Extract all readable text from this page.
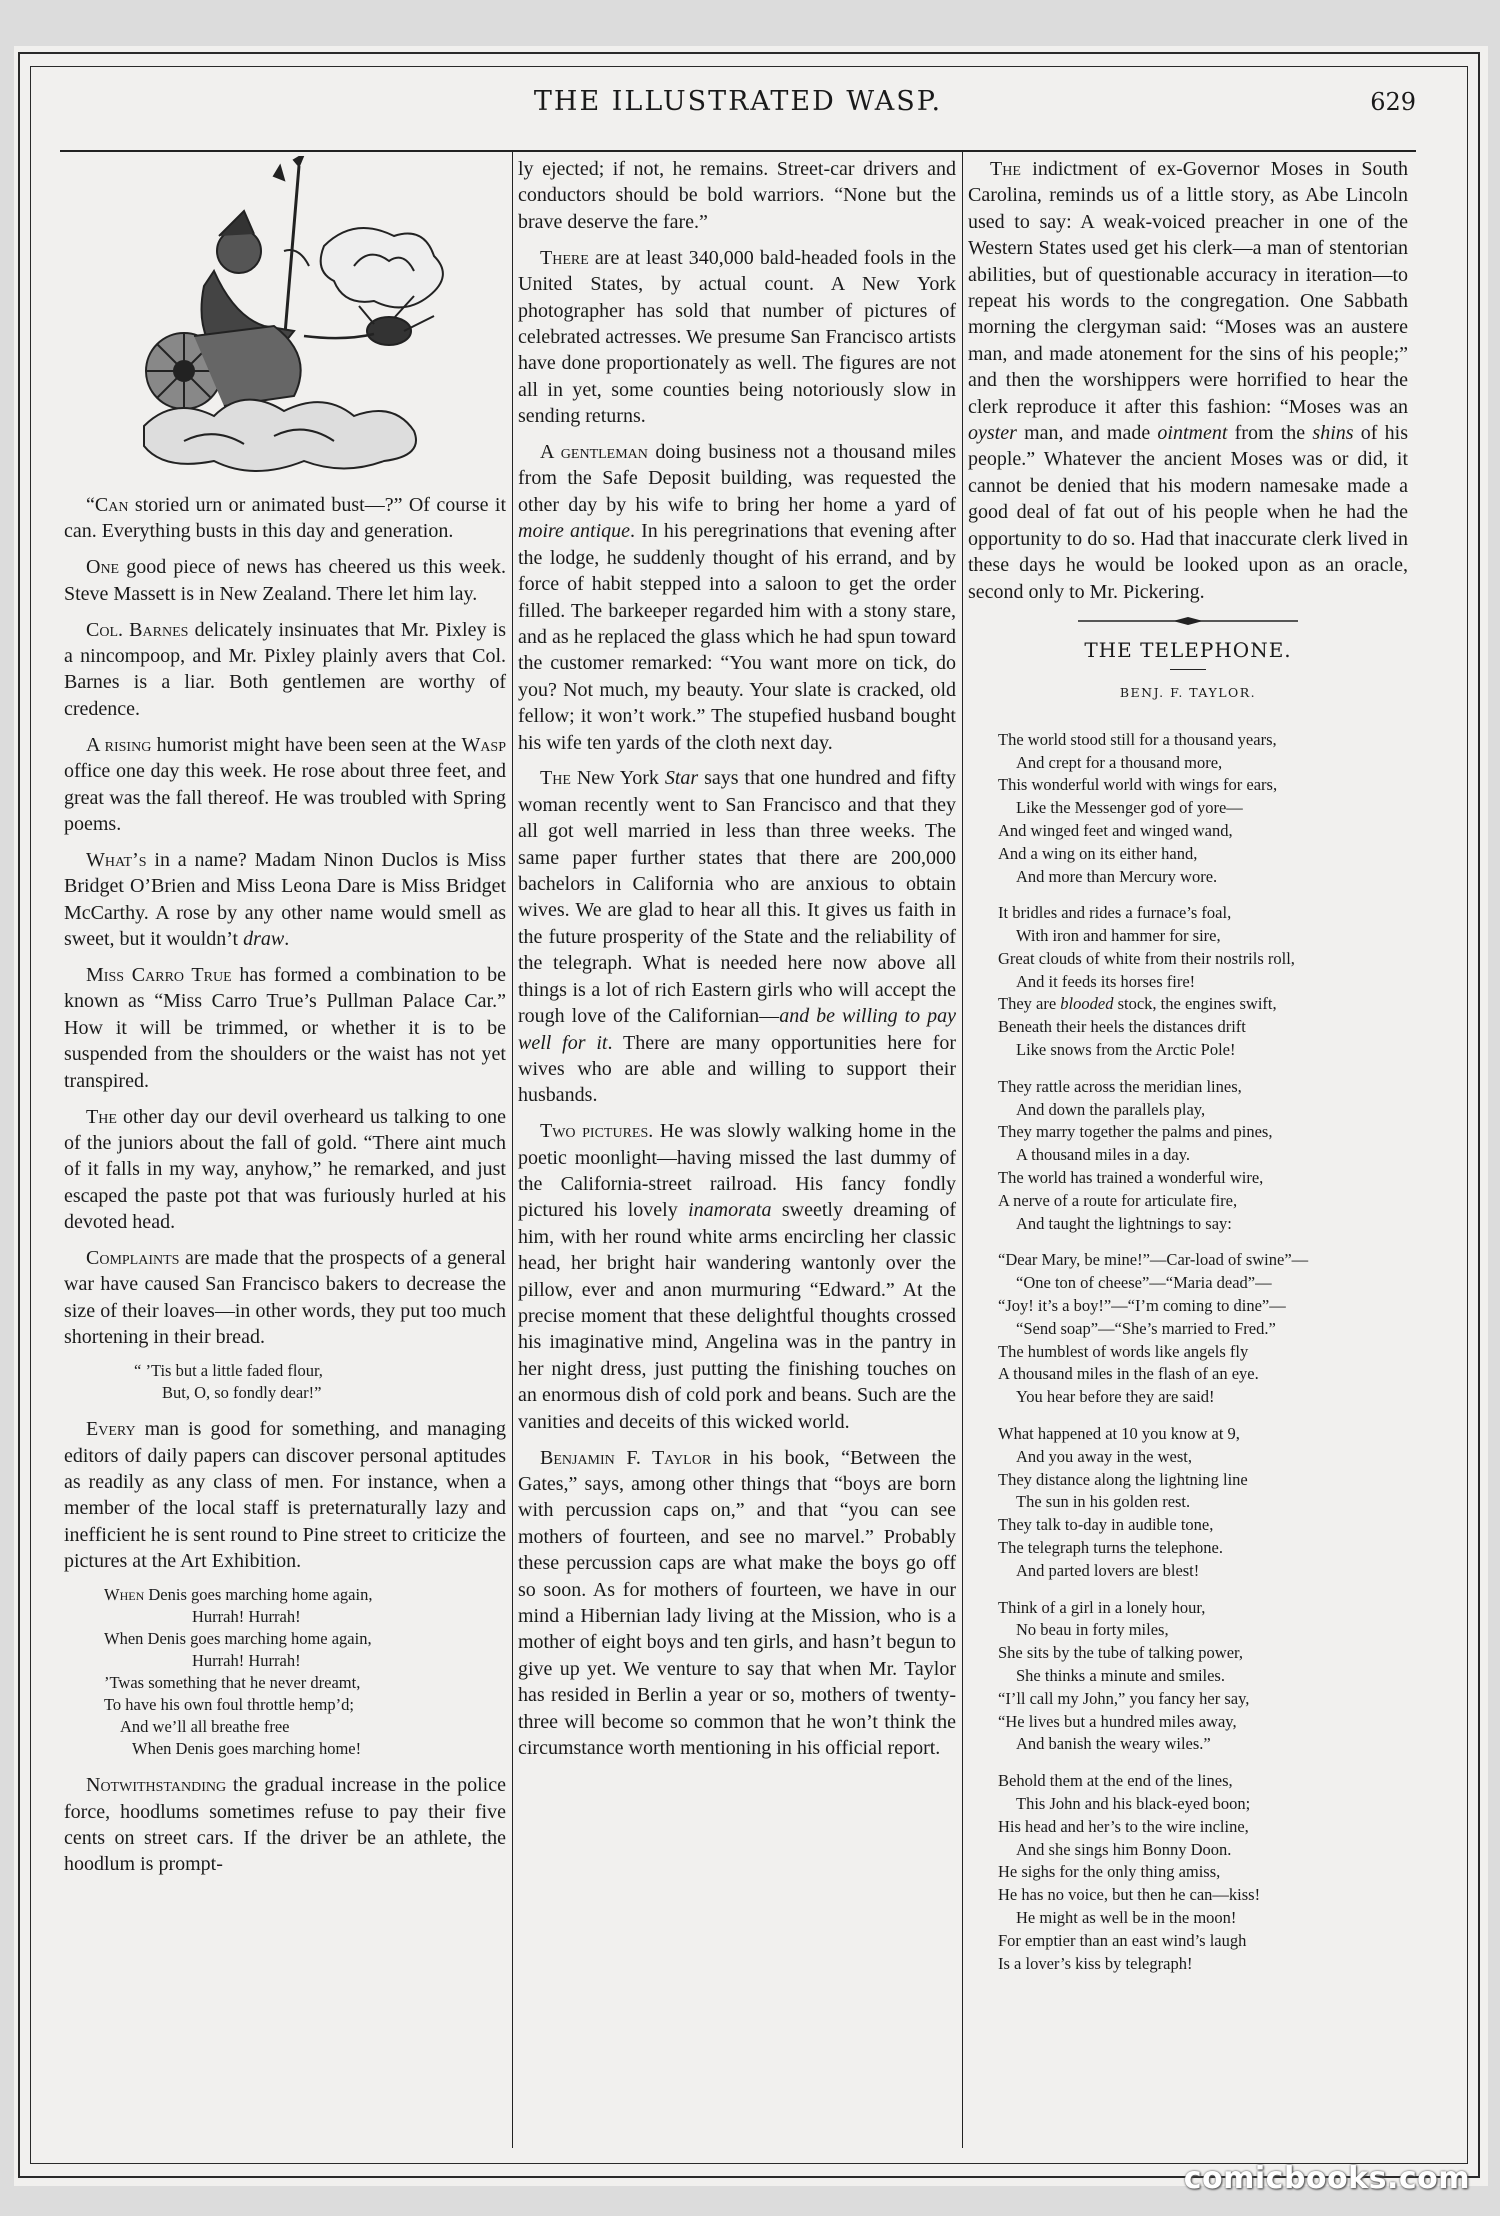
THE ILLUSTRATED WASP.	629

“Can storied urn or animated bust—?” Of course it can. Everything busts in this day and generation.

One good piece of news has cheered us this week. Steve Massett is in New Zealand. There let him lay.

Col. Barnes delicately insinuates that Mr. Pixley is a nincompoop, and Mr. Pixley plainly avers that Col. Barnes is a liar. Both gentlemen are worthy of credence.

A rising humorist might have been seen at the Wasp office one day this week. He rose about three feet, and great was the fall thereof. He was troubled with Spring poems.

What’s in a name? Madam Ninon Duclos is Miss Bridget O’Brien and Miss Leona Dare is Miss Bridget McCarthy. A rose by any other name would smell as sweet, but it wouldn’t draw.

Miss Carro True has formed a combination to be known as “Miss Carro True’s Pullman Palace Car.” How it will be trimmed, or whether it is to be suspended from the shoulders or the waist has not yet transpired.

The other day our devil overheard us talking to one of the juniors about the fall of gold. “There aint much of it falls in my way, anyhow,” he remarked, and just escaped the paste pot that was furiously hurled at his devoted head.

Complaints are made that the prospects of a general war have caused San Francisco bakers to decrease the size of their loaves—in other words, they put too much shortening in their bread.

“ ’Tis but a little faded flour,
But, O, so fondly dear!”

Every man is good for something, and managing editors of daily papers can discover personal aptitudes as readily as any class of men. For instance, when a member of the local staff is preternaturally lazy and inefficient he is sent round to Pine street to criticize the pictures at the Art Exhibition.

When Denis goes marching home again,
Hurrah! Hurrah!
When Denis goes marching home again,
Hurrah! Hurrah!
’Twas something that he never dreamt,
To have his own foul throttle hemp’d;
And we’ll all breathe free
When Denis goes marching home!

Notwithstanding the gradual increase in the police force, hoodlums sometimes refuse to pay their five cents on street cars. If the driver be an athlete, the hoodlum is prompt-

ly ejected; if not, he remains. Street-car drivers and conductors should be bold warriors. “None but the brave deserve the fare.”

There are at least 340,000 bald-headed fools in the United States, by actual count. A New York photographer has sold that number of pictures of celebrated actresses. We presume San Francisco artists have done proportionately as well. The figures are not all in yet, some counties being notoriously slow in sending returns.

A gentleman doing business not a thousand miles from the Safe Deposit building, was requested the other day by his wife to bring her home a yard of moire antique. In his peregrinations that evening after the lodge, he suddenly thought of his errand, and by force of habit stepped into a saloon to get the order filled. The barkeeper regarded him with a stony stare, and as he replaced the glass which he had spun toward the customer remarked: “You want more on tick, do you? Not much, my beauty. Your slate is cracked, old fellow; it won’t work.” The stupefied husband bought his wife ten yards of the cloth next day.

The New York Star says that one hundred and fifty woman recently went to San Francisco and that they all got well married in less than three weeks. The same paper further states that there are 200,000 bachelors in California who are anxious to obtain wives. We are glad to hear all this. It gives us faith in the future prosperity of the State and the reliability of the telegraph. What is needed here now above all things is a lot of rich Eastern girls who will accept the rough love of the Californian—and be willing to pay well for it. There are many opportunities here for wives who are able and willing to support their husbands.

Two pictures. He was slowly walking home in the poetic moonlight—having missed the last dummy of the California-street railroad. His fancy fondly pictured his lovely inamorata sweetly dreaming of him, with her round white arms encircling her classic head, her bright hair wandering wantonly over the pillow, ever and anon murmuring “Edward.” At the precise moment that these delightful thoughts crossed his imaginative mind, Angelina was in the pantry in her night dress, just putting the finishing touches on an enormous dish of cold pork and beans. Such are the vanities and deceits of this wicked world.

Benjamin F. Taylor in his book, “Between the Gates,” says, among other things that “boys are born with percussion caps on,” and that “you can see mothers of fourteen, and see no marvel.” Probably these percussion caps are what make the boys go off so soon. As for mothers of fourteen, we have in our mind a Hibernian lady living at the Mission, who is a mother of eight boys and ten girls, and hasn’t begun to give up yet. We venture to say that when Mr. Taylor has resided in Berlin a year or so, mothers of twenty-three will become so common that he won’t think the circumstance worth mentioning in his official report.

The indictment of ex-Governor Moses in South Carolina, reminds us of a little story, as Abe Lincoln used to say: A weak-voiced preacher in one of the Western States used get his clerk—a man of stentorian abilities, but of questionable accuracy in iteration—to repeat his words to the congregation. One Sabbath morning the clergyman said: “Moses was an austere man, and made atonement for the sins of his people;” and then the worshippers were horrified to hear the clerk reproduce it after this fashion: “Moses was an oyster man, and made ointment from the shins of his people.” Whatever the ancient Moses was or did, it cannot be denied that his modern namesake made a good deal of fat out of his people when he had the opportunity to do so. Had that inaccurate clerk lived in these days he would be looked upon as an oracle, second only to Mr. Pickering.

THE TELEPHONE.
BENJ. F. TAYLOR.
The world stood still for a thousand years,
And crept for a thousand more,
This wonderful world with wings for ears,
Like the Messenger god of yore—
And winged feet and winged wand,
And a wing on its either hand,
And more than Mercury wore.
It bridles and rides a furnace’s foal,
With iron and hammer for sire,
Great clouds of white from their nostrils roll,
And it feeds its horses fire!
They are blooded stock, the engines swift,
Beneath their heels the distances drift
Like snows from the Arctic Pole!
They rattle across the meridian lines,
And down the parallels play,
They marry together the palms and pines,
A thousand miles in a day.
The world has trained a wonderful wire,
A nerve of a route for articulate fire,
And taught the lightnings to say:
“Dear Mary, be mine!”—Car-load of swine”—
“One ton of cheese”—“Maria dead”—
“Joy! it’s a boy!”—“I’m coming to dine”—
“Send soap”—“She’s married to Fred.”
The humblest of words like angels fly
A thousand miles in the flash of an eye.
You hear before they are said!
What happened at 10 you know at 9,
And you away in the west,
They distance along the lightning line
The sun in his golden rest.
They talk to-day in audible tone,
The telegraph turns the telephone.
And parted lovers are blest!
Think of a girl in a lonely hour,
No beau in forty miles,
She sits by the tube of talking power,
She thinks a minute and smiles.
“I’ll call my John,” you fancy her say,
“He lives but a hundred miles away,
And banish the weary wiles.”
Behold them at the end of the lines,
This John and his black-eyed boon;
His head and her’s to the wire incline,
And she sings him Bonny Doon.
He sighs for the only thing amiss,
He has no voice, but then he can—kiss!
He might as well be in the moon!
For emptier than an east wind’s laugh
Is a lover’s kiss by telegraph!
comicbooks.com
